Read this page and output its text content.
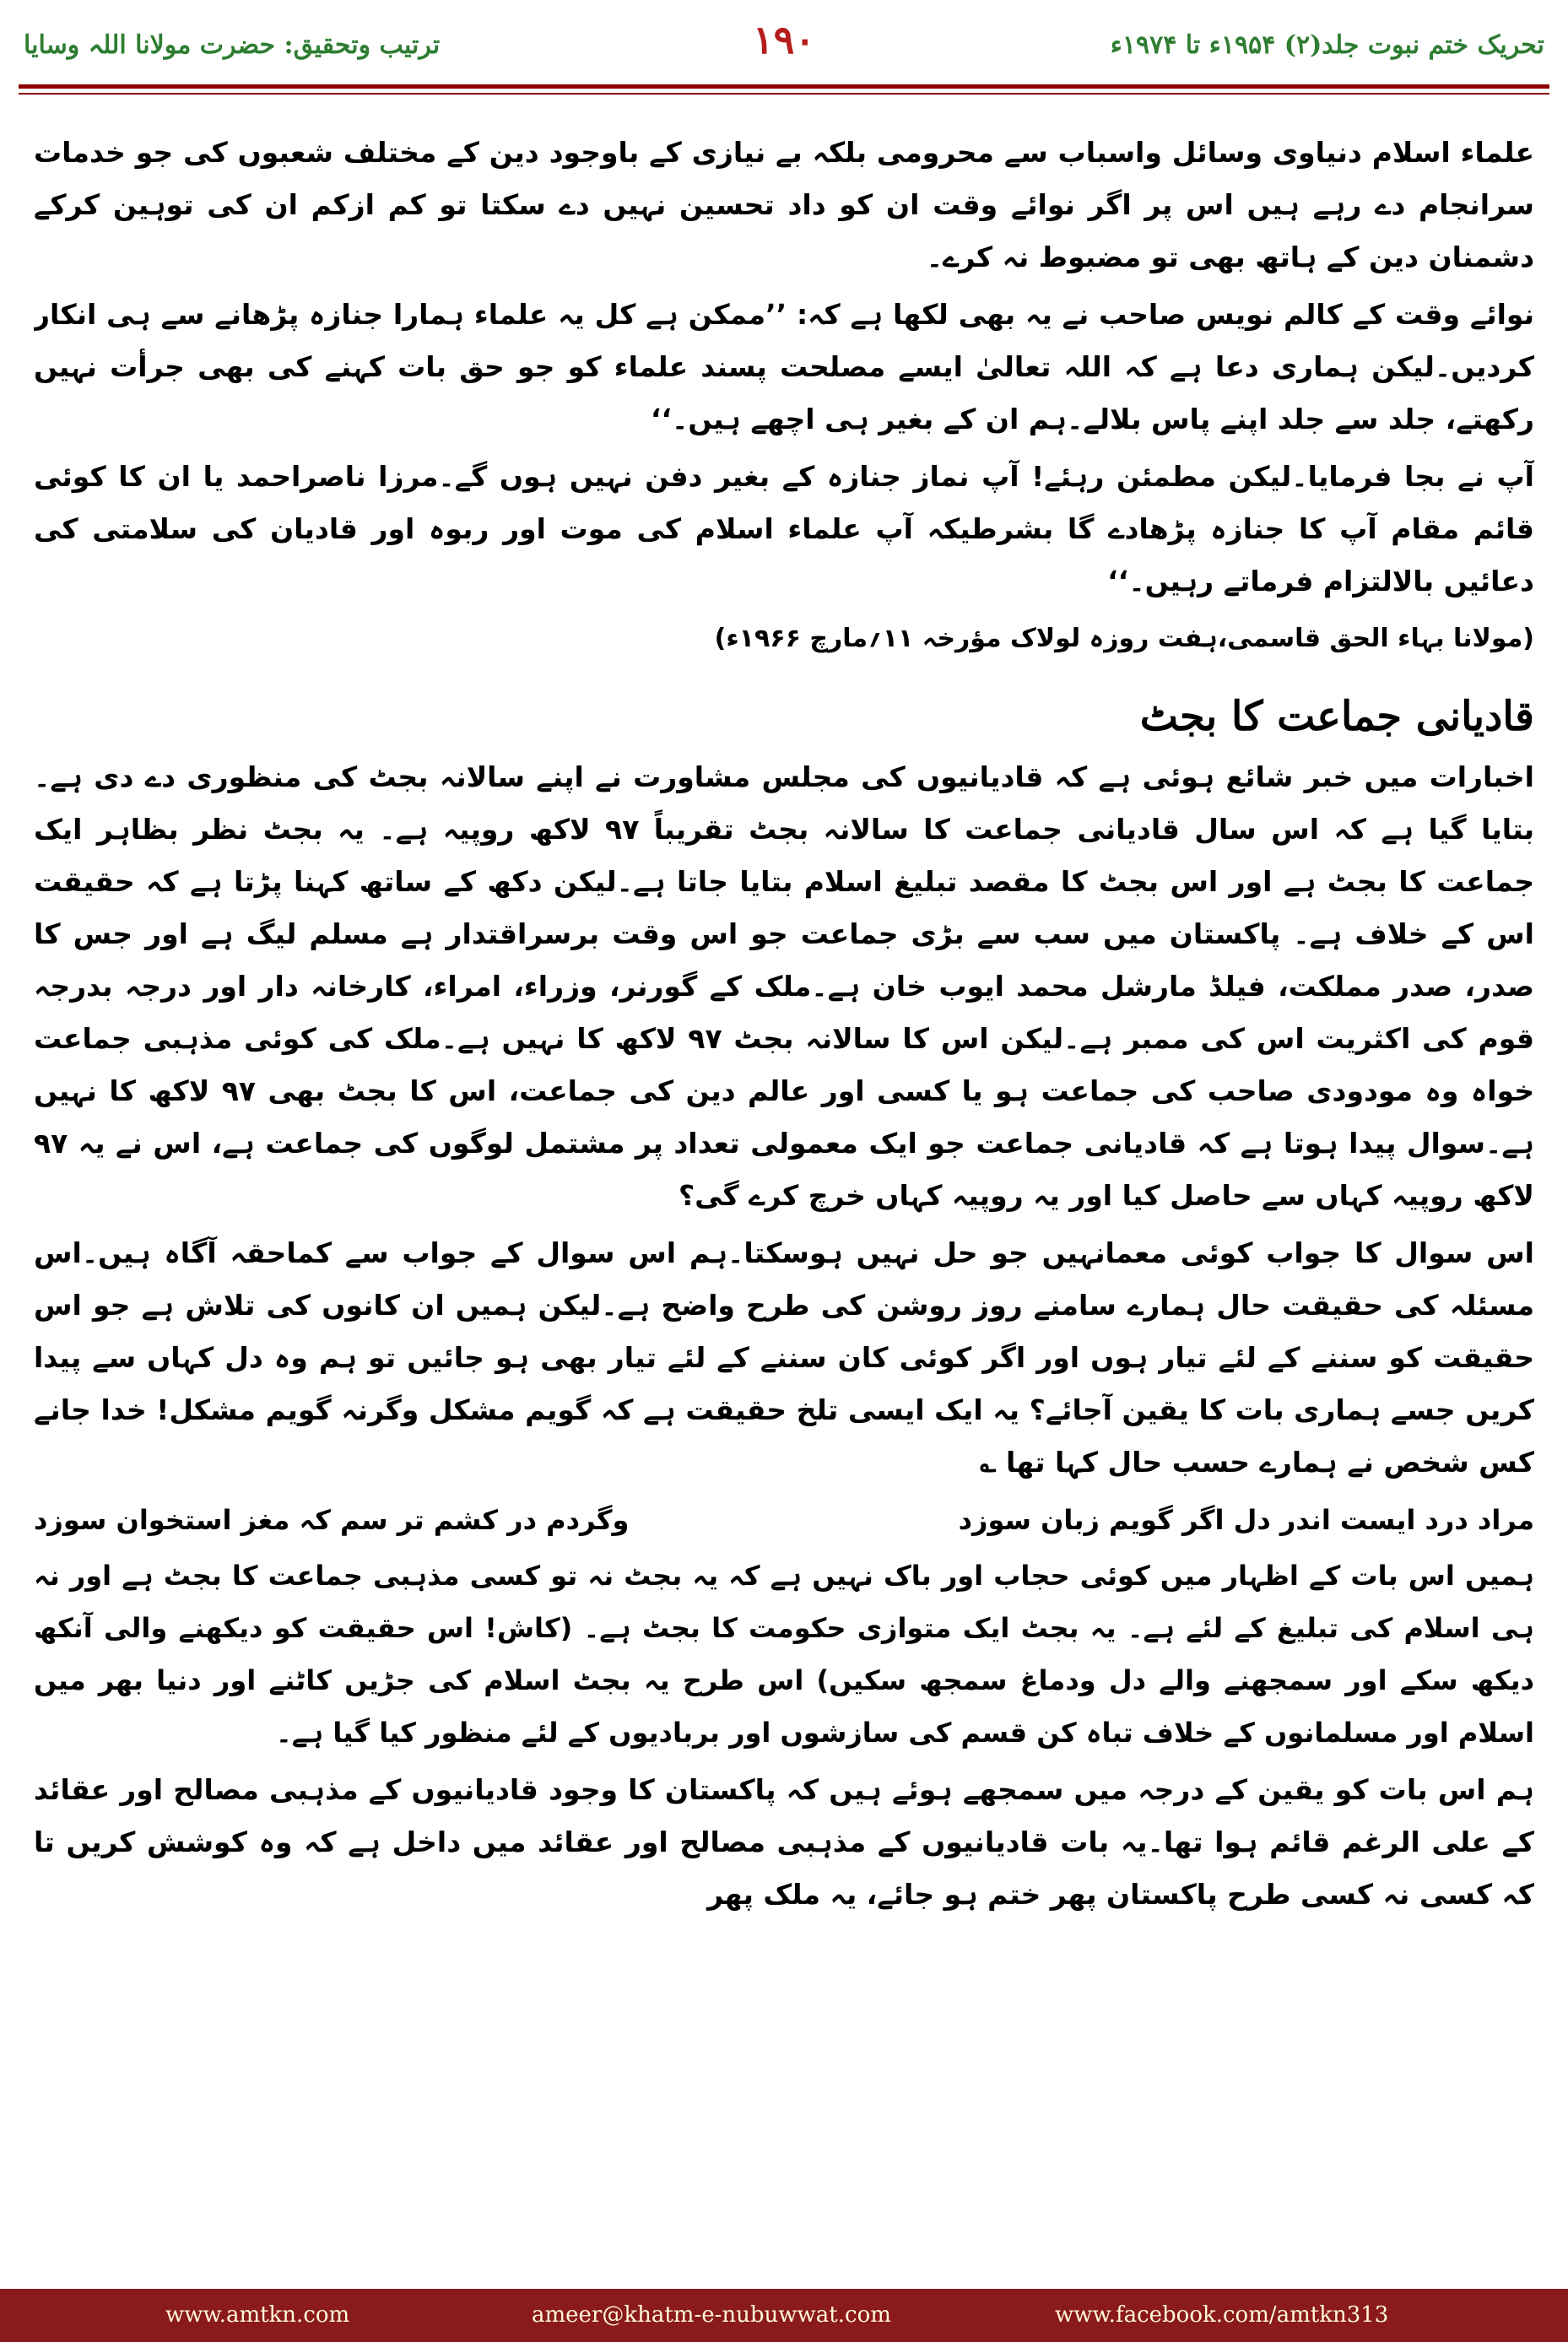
تحریک ختم نبوت جلد(۲) ۱۹۵۴ء تا ۱۹۷۴ء
۱۹۰
ترتیب وتحقیق: حضرت مولانا اللہ وسایا

علماء اسلام دنیاوی وسائل واسباب سے محرومی بلکہ بے نیازی کے باوجود دین کے مختلف شعبوں کی جو خدمات سرانجام دے رہے ہیں اس پر اگر نوائے وقت ان کو داد تحسین نہیں دے سکتا تو کم ازکم ان کی توہین کرکے دشمنان دین کے ہاتھ بھی تو مضبوط نہ کرے۔

نوائے وقت کے کالم نویس صاحب نے یہ بھی لکھا ہے کہ: ’’ممکن ہے کل یہ علماء ہمارا جنازہ پڑھانے سے ہی انکار کردیں۔لیکن ہماری دعا ہے کہ اللہ تعالیٰ ایسے مصلحت پسند علماء کو جو حق بات کہنے کی بھی جرأت نہیں رکھتے، جلد سے جلد اپنے پاس بلالے۔ہم ان کے بغیر ہی اچھے ہیں۔‘‘

آپ نے بجا فرمایا۔لیکن مطمئن رہئے! آپ نماز جنازہ کے بغیر دفن نہیں ہوں گے۔مرزا ناصراحمد یا ان کا کوئی قائم مقام آپ کا جنازہ پڑھادے گا بشرطیکہ آپ علماء اسلام کی موت اور ربوہ اور قادیان کی سلامتی کی دعائیں بالالتزام فرماتے رہیں۔‘‘

(مولانا بہاء الحق قاسمی،ہفت روزہ لولاک مؤرخہ ۱۱؍مارچ ۱۹۶۶ء)
قادیانی جماعت کا بجٹ

اخبارات میں خبر شائع ہوئی ہے کہ قادیانیوں کی مجلس مشاورت نے اپنے سالانہ بجٹ کی منظوری دے دی ہے۔ بتایا گیا ہے کہ اس سال قادیانی جماعت کا سالانہ بجٹ تقریباً ۹۷ لاکھ روپیہ ہے۔ یہ بجٹ نظر بظاہر ایک جماعت کا بجٹ ہے اور اس بجٹ کا مقصد تبلیغ اسلام بتایا جاتا ہے۔لیکن دکھ کے ساتھ کہنا پڑتا ہے کہ حقیقت اس کے خلاف ہے۔ پاکستان میں سب سے بڑی جماعت جو اس وقت برسراقتدار ہے مسلم لیگ ہے اور جس کا صدر، صدر مملکت، فیلڈ مارشل محمد ایوب خان ہے۔ملک کے گورنر، وزراء، امراء، کارخانہ دار اور درجہ بدرجہ قوم کی اکثریت اس کی ممبر ہے۔لیکن اس کا سالانہ بجٹ ۹۷ لاکھ کا نہیں ہے۔ملک کی کوئی مذہبی جماعت خواہ وہ مودودی صاحب کی جماعت ہو یا کسی اور عالم دین کی جماعت، اس کا بجٹ بھی ۹۷ لاکھ کا نہیں ہے۔سوال پیدا ہوتا ہے کہ قادیانی جماعت جو ایک معمولی تعداد پر مشتمل لوگوں کی جماعت ہے، اس نے یہ ۹۷ لاکھ روپیہ کہاں سے حاصل کیا اور یہ روپیہ کہاں خرچ کرے گی؟

اس سوال کا جواب کوئی معمانہیں جو حل نہیں ہوسکتا۔ہم اس سوال کے جواب سے کماحقہ آگاہ ہیں۔اس مسئلہ کی حقیقت حال ہمارے سامنے روز روشن کی طرح واضح ہے۔لیکن ہمیں ان کانوں کی تلاش ہے جو اس حقیقت کو سننے کے لئے تیار ہوں اور اگر کوئی کان سننے کے لئے تیار بھی ہو جائیں تو ہم وہ دل کہاں سے پیدا کریں جسے ہماری بات کا یقین آجائے؟ یہ ایک ایسی تلخ حقیقت ہے کہ گویم مشکل وگرنہ گویم مشکل! خدا جانے کس شخص نے ہمارے حسب حال کہا تھا ؎

مراد درد ایست اندر دل اگر گویم زبان سوزد
وگردم در کشم تر سم کہ مغز استخوان سوزد

ہمیں اس بات کے اظہار میں کوئی حجاب اور باک نہیں ہے کہ یہ بجٹ نہ تو کسی مذہبی جماعت کا بجٹ ہے اور نہ ہی اسلام کی تبلیغ کے لئے ہے۔ یہ بجٹ ایک متوازی حکومت کا بجٹ ہے۔ (کاش! اس حقیقت کو دیکھنے والی آنکھ دیکھ سکے اور سمجھنے والے دل ودماغ سمجھ سکیں) اس طرح یہ بجٹ اسلام کی جڑیں کاٹنے اور دنیا بھر میں اسلام اور مسلمانوں کے خلاف تباہ کن قسم کی سازشوں اور بربادیوں کے لئے منظور کیا گیا ہے۔

ہم اس بات کو یقین کے درجہ میں سمجھے ہوئے ہیں کہ پاکستان کا وجود قادیانیوں کے مذہبی مصالح اور عقائد کے علی الرغم قائم ہوا تھا۔یہ بات قادیانیوں کے مذہبی مصالح اور عقائد میں داخل ہے کہ وہ کوشش کریں تا کہ کسی نہ کسی طرح پاکستان پھر ختم ہو جائے، یہ ملک پھر

www.amtkn.com	ameer@khatm-e-nubuwwat.com	www.facebook.com/amtkn313
